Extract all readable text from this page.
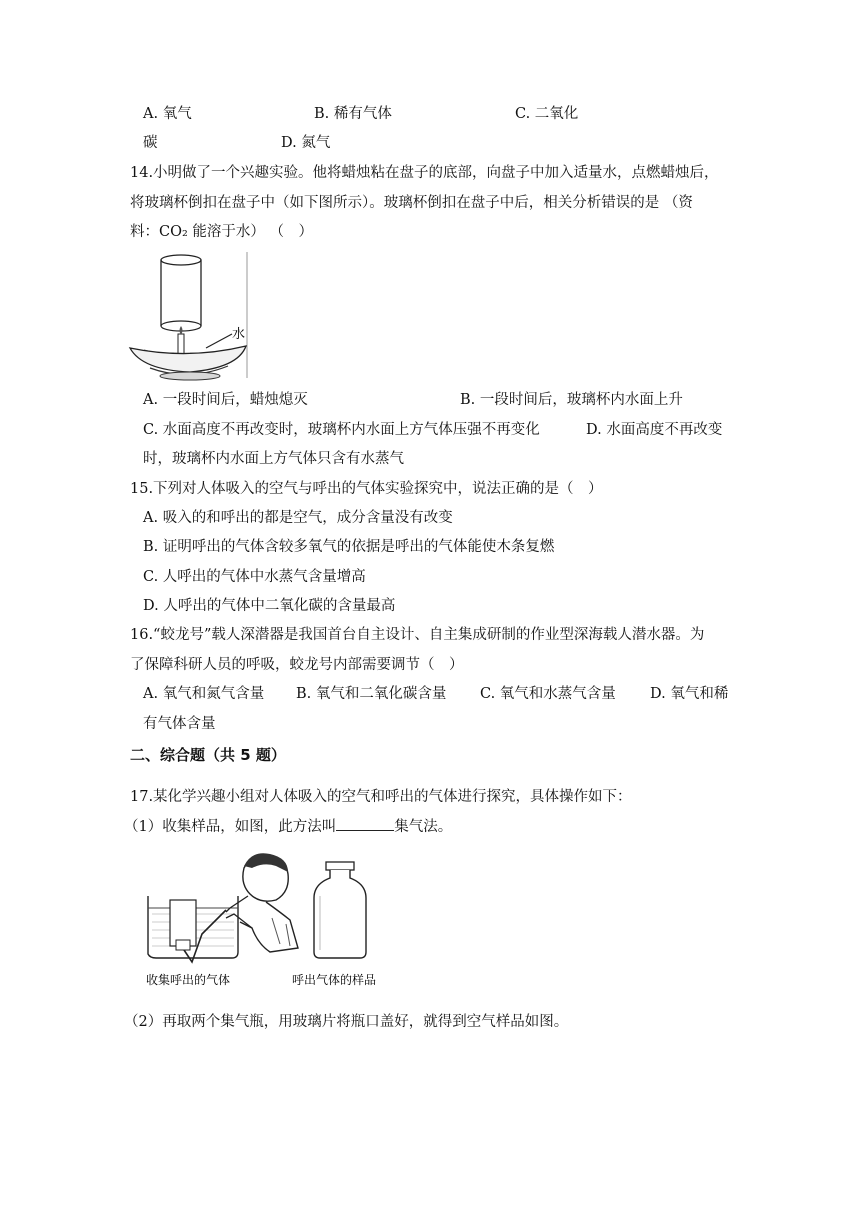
A. 氧气	B. 稀有气体	C. 二氧化
碳	D. 氮气
14.小明做了一个兴趣实验。他将蜡烛粘在盘子的底部，向盘子中加入适量水，点燃蜡烛后，
将玻璃杯倒扣在盘子中（如下图所示）。玻璃杯倒扣在盘子中后，相关分析错误的是 （资
料：CO₂ 能溶于水） （　）
水
A. 一段时间后，蜡烛熄灭	B. 一段时间后，玻璃杯内水面上升
C. 水面高度不再改变时，玻璃杯内水面上方气体压强不再变化	D. 水面高度不再改变
时，玻璃杯内水面上方气体只含有水蒸气
15.下列对人体吸入的空气与呼出的气体实验探究中，说法正确的是（　）
A. 吸入的和呼出的都是空气，成分含量没有改变
B. 证明呼出的气体含较多氧气的依据是呼出的气体能使木条复燃
C. 人呼出的气体中水蒸气含量增高
D. 人呼出的气体中二氧化碳的含量最高
16.“蛟龙号”载人深潜器是我国首台自主设计、自主集成研制的作业型深海载人潜水器。为
了保障科研人员的呼吸，蛟龙号内部需要调节（　）
A. 氧气和氮气含量 B. 氧气和二氧化碳含量 C. 氧气和水蒸气含量 D. 氧气和稀
有气体含量
二、综合题（共 5 题）
17.某化学兴趣小组对人体吸入的空气和呼出的气体进行探究，具体操作如下：
（1）收集样品，如图，此方法叫	集气法。
收集呼出的气体	呼出气体的样品
（2）再取两个集气瓶，用玻璃片将瓶口盖好，就得到空气样品如图。
